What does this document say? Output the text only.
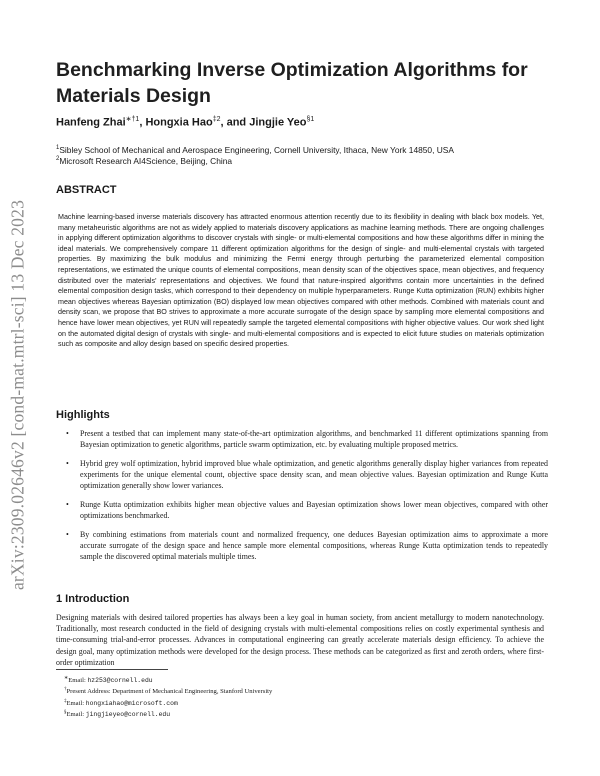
arXiv:2309.02646v2 [cond-mat.mtrl-sci] 13 Dec 2023
Benchmarking Inverse Optimization Algorithms for Materials Design
Hanfeng Zhai$^{∗\dagger 1}$, Hongxia Hao$^{\ddagger 2}$, and Jingjie Yeo$^{\S 1}$
$^1$Sibley School of Mechanical and Aerospace Engineering, Cornell University, Ithaca, New York 14850, USA
$^2$Microsoft Research AI4Science, Beijing, China
ABSTRACT

Machine learning-based inverse materials discovery has attracted enormous attention recently due to its flexibility in dealing with black box models. Yet, many metaheuristic algorithms are not as widely applied to materials discovery applications as machine learning methods. There are ongoing challenges in applying different optimization algorithms to discover crystals with single- or multi-elemental compositions and how these algorithms differ in mining the ideal materials. We comprehensively compare 11 different optimization algorithms for the design of single- and multi-elemental crystals with targeted properties. By maximizing the bulk modulus and minimizing the Fermi energy through perturbing the parameterized elemental composition representations, we estimated the unique counts of elemental compositions, mean density scan of the objectives space, mean objectives, and frequency distributed over the materials' representations and objectives. We found that nature-inspired algorithms contain more uncertainties in the defined elemental composition design tasks, which correspond to their dependency on multiple hyperparameters. Runge Kutta optimization (RUN) exhibits higher mean objectives whereas Bayesian optimization (BO) displayed low mean objectives compared with other methods. Combined with materials count and density scan, we propose that BO strives to approximate a more accurate surrogate of the design space by sampling more elemental compositions and hence have lower mean objectives, yet RUN will repeatedly sample the targeted elemental compositions with higher objective values. Our work shed light on the automated digital design of crystals with single- and multi-elemental compositions and is expected to elicit future studies on materials optimization such as composite and alloy design based on specific desired properties.

Highlights
• Present a testbed that can implement many state-of-the-art optimization algorithms, and benchmarked 11 different optimizations spanning from Bayesian optimization to genetic algorithms, particle swarm optimization, etc. by evaluating multiple proposed metrics.
• Hybrid grey wolf optimization, hybrid improved blue whale optimization, and genetic algorithms generally display higher variances from repeated experiments for the unique elemental count, objective space density scan, and mean objective values. Bayesian optimization and Runge Kutta optimization generally show lower variances.
• Runge Kutta optimization exhibits higher mean objective values and Bayesian optimization shows lower mean objectives, compared with other optimizations benchmarked.
• By combining estimations from materials count and normalized frequency, one deduces Bayesian optimization aims to approximate a more accurate surrogate of the design space and hence sample more elemental compositions, whereas Runge Kutta optimization tends to repeatedly sample the discovered optimal materials multiple times.
1 Introduction

Designing materials with desired tailored properties has always been a key goal in human society, from ancient metallurgy to modern nanotechnology. Traditionally, most research conducted in the field of designing crystals with multi-elemental compositions relies on costly experimental synthesis and time-consuming trial-and-error processes. Advances in computational engineering can greatly accelerate materials design efficiency. To achieve the design goal, many optimization methods were developed for the design process. These methods can be categorized as first and zeroth orders, where first-order optimization

∗Email: hz253@cornell.edu
†Present Address: Department of Mechanical Engineering, Stanford University
‡Email: hongxiahao@microsoft.com
§Email: jingjieyeo@cornell.edu
